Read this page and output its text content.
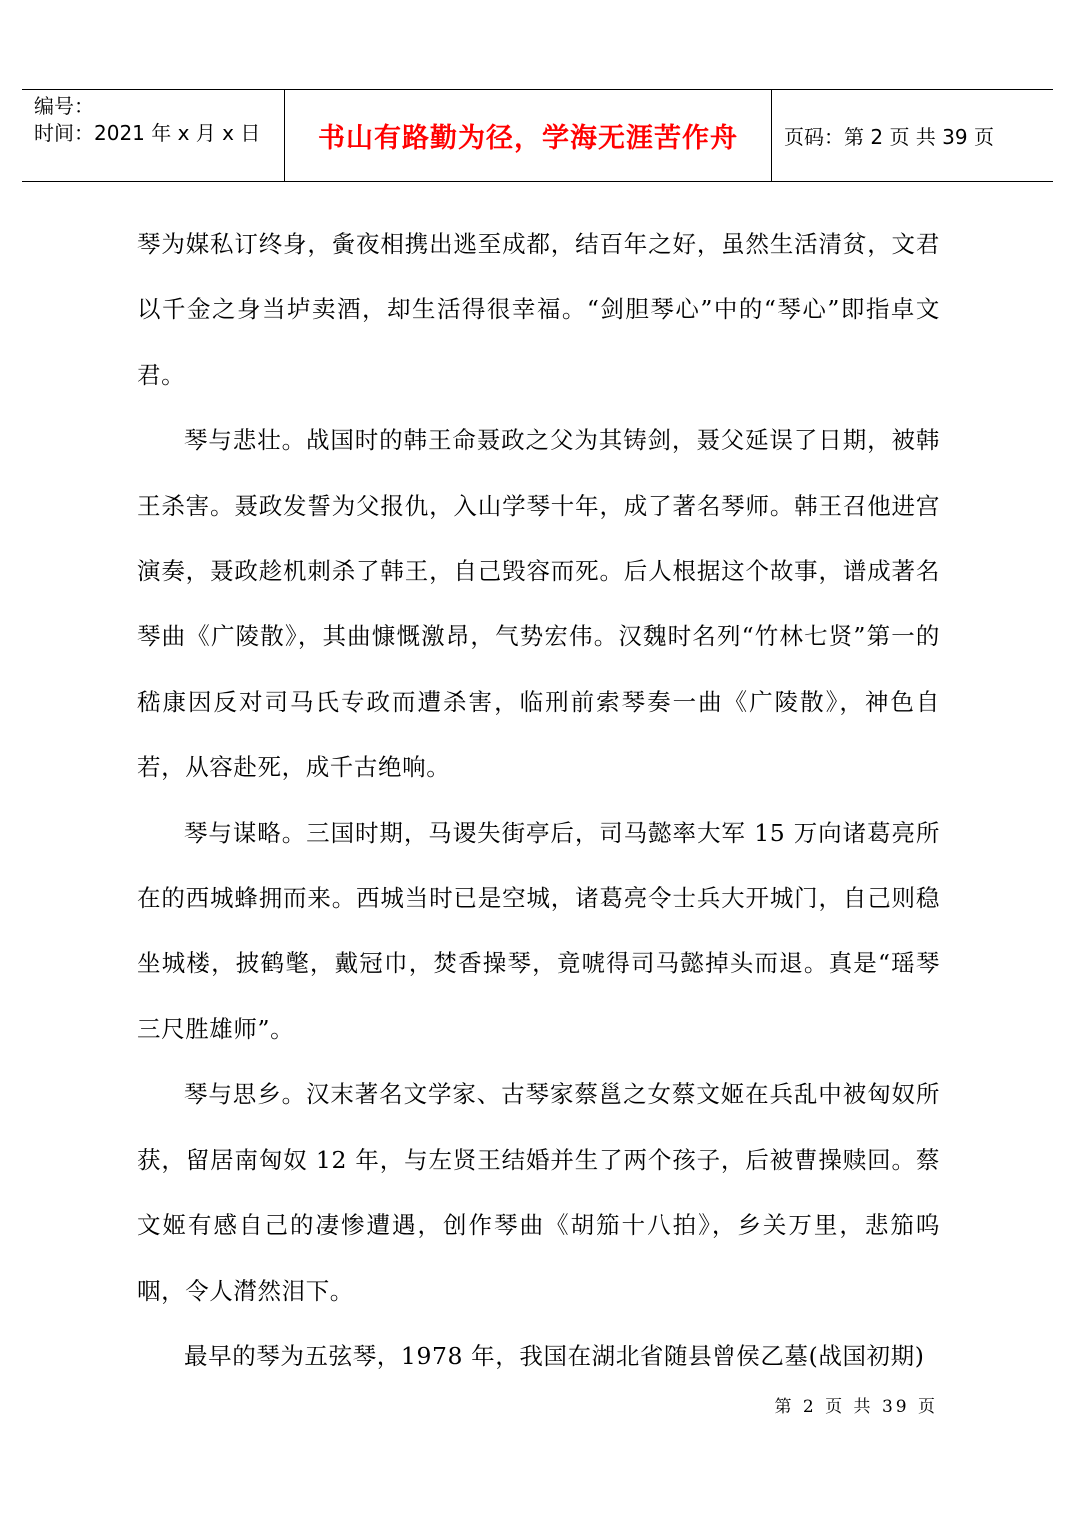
编号：
时间：2021 年 x 月 x 日 书山有路勤为径，学海无涯苦作舟 页码：第 2 页 共 39 页

琴为媒私订终身，夤夜相携出逃至成都，结百年之好，虽然生活清贫，文君以千金之身当垆卖酒，却生活得很幸福。“剑胆琴心”中的“琴心”即指卓文君。

琴与悲壮。战国时的韩王命聂政之父为其铸剑，聂父延误了日期，被韩王杀害。聂政发誓为父报仇，入山学琴十年，成了著名琴师。韩王召他进宫演奏，聂政趁机刺杀了韩王，自己毁容而死。后人根据这个故事，谱成著名琴曲《广陵散》，其曲慷慨激昂，气势宏伟。汉魏时名列“竹林七贤”第一的嵇康因反对司马氏专政而遭杀害，临刑前索琴奏一曲《广陵散》，神色自若，从容赴死，成千古绝响。

琴与谋略。三国时期，马谡失街亭后，司马懿率大军 15 万向诸葛亮所在的西城蜂拥而来。西城当时已是空城，诸葛亮令士兵大开城门，自己则稳坐城楼，披鹤氅，戴冠巾，焚香操琴，竟唬得司马懿掉头而退。真是“瑶琴三尺胜雄师”。

琴与思乡。汉末著名文学家、古琴家蔡邕之女蔡文姬在兵乱中被匈奴所获，留居南匈奴 12 年，与左贤王结婚并生了两个孩子，后被曹操赎回。蔡文姬有感自己的凄惨遭遇，创作琴曲《胡笳十八拍》，乡关万里，悲笳呜咽，令人潸然泪下。

最早的琴为五弦琴，1978 年，我国在湖北省随县曾侯乙墓(战国初期)

第 2 页 共 39 页
